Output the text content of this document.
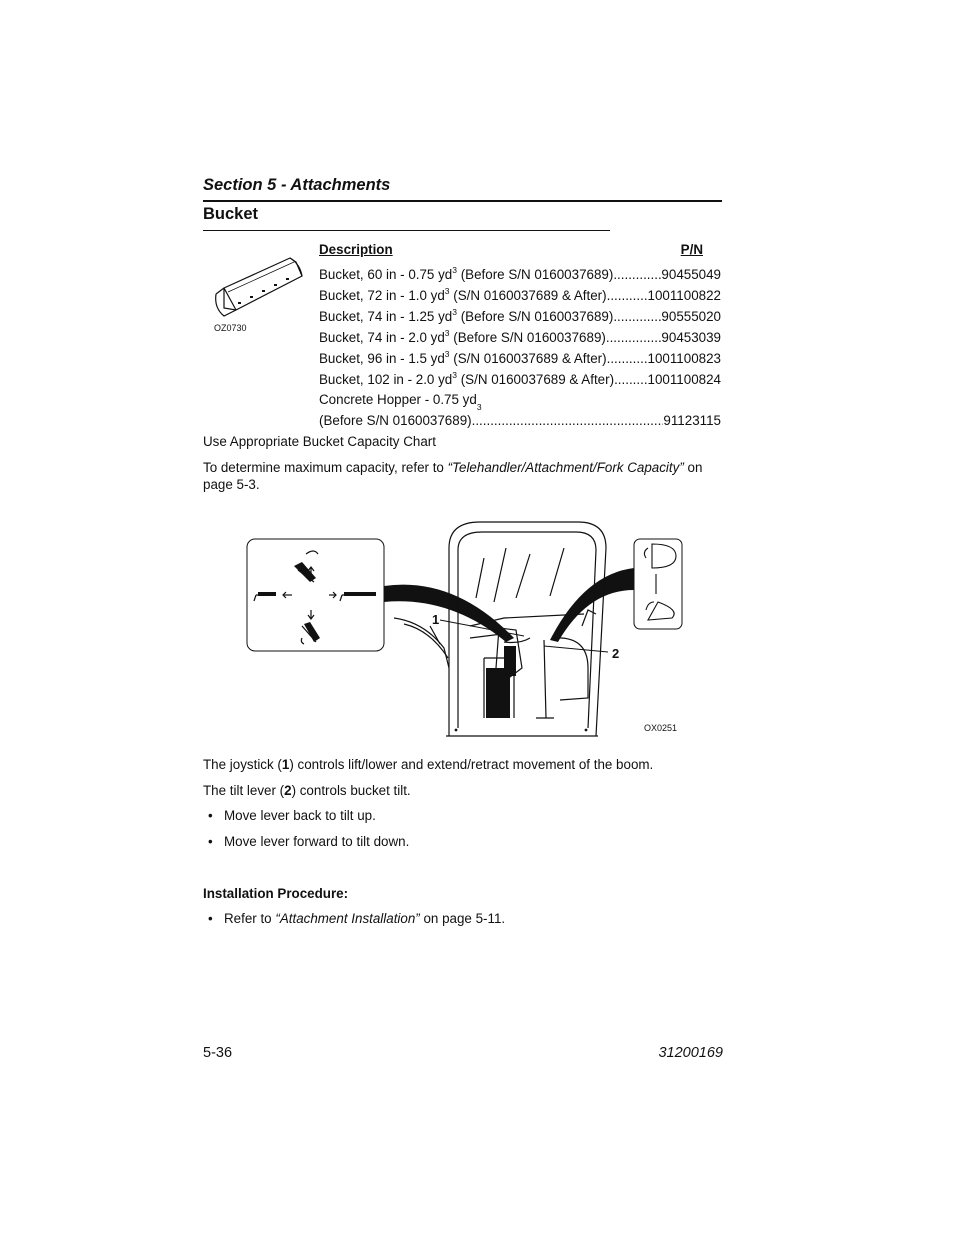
Section 5 - Attachments
Bucket
OZ0730
Description	P/N
Bucket, 60 in - 0.75 $yd^3$ (Before S/N 0160037689) .....	90455049
Bucket, 72 in - 1.0 $yd^3$ (S/N 0160037689 & After) .....	1001100822
Bucket, 74 in - 1.25 $yd^3$ (Before S/N 0160037689) .....	90555020
Bucket, 74 in - 2.0 $yd^3$ (Before S/N 0160037689) .....	90453039
Bucket, 96 in - 1.5 $yd^3$ (S/N 0160037689 & After) .....	1001100823
Bucket, 102 in - 2.0 $yd^3$ (S/N 0160037689 & After) ..... 1001100824
Concrete Hopper - 0.75 yd 3
(Before S/N 0160037689) .....	91123115
Use Appropriate Bucket Capacity Chart
To determine maximum capacity, refer to “Telehandler/Attachment/Fork Capacity” on page 5-3.
1
2
OX0251
The joystick (1) controls lift/lower and extend/retract movement of the boom.
The tilt lever (2) controls bucket tilt.
• Move lever back to tilt up.
• Move lever forward to tilt down.
Installation Procedure:
• Refer to “Attachment Installation” on page 5-11.
5-36	31200169
